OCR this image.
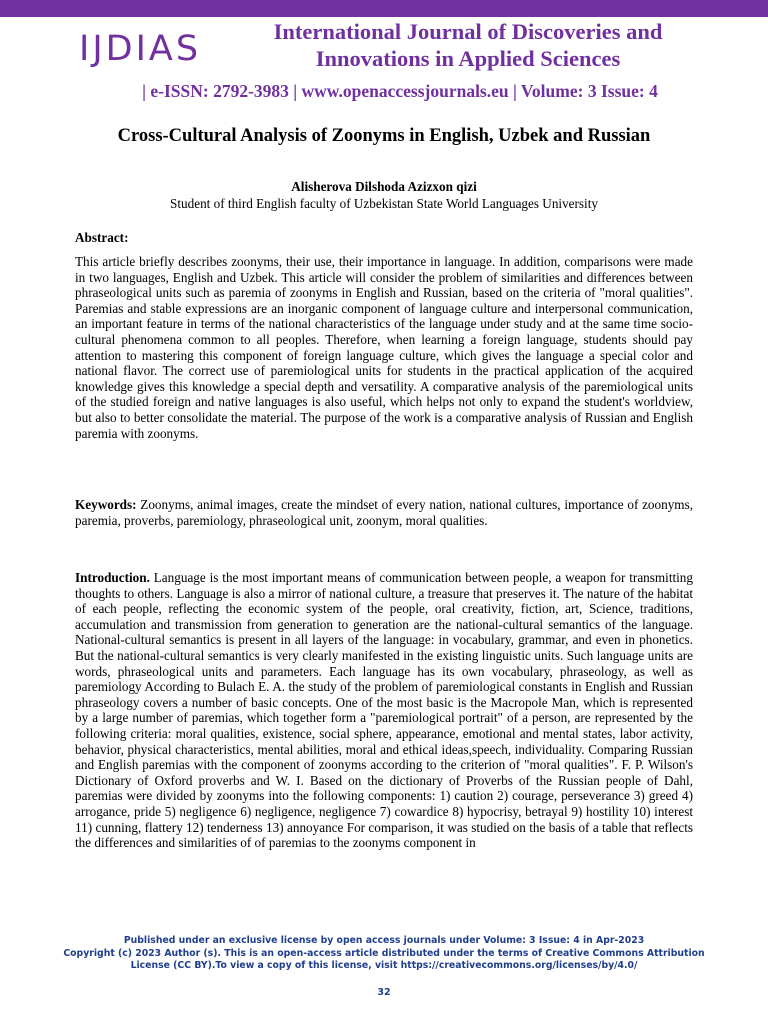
IJDIAS	International Journal of Discoveries and Innovations in Applied Sciences
| e-ISSN: 2792-3983 | www.openaccessjournals.eu | Volume: 3 Issue: 4
Cross-Cultural Analysis of Zoonyms in English, Uzbek and Russian
Alisherova Dilshoda Azizxon qizi
Student of third English faculty of Uzbekistan State World Languages University
Abstract:
This article briefly describes zoonyms, their use, their importance in language. In addition, comparisons were made in two languages, English and Uzbek. This article will consider the problem of similarities and differences between phraseological units such as paremia of zoonyms in English and Russian, based on the criteria of "moral qualities". Paremias and stable expressions are an inorganic component of language culture and interpersonal communication, an important feature in terms of the national characteristics of the language under study and at the same time socio-cultural phenomena common to all peoples. Therefore, when learning a foreign language, students should pay attention to mastering this component of foreign language culture, which gives the language a special color and national flavor. The correct use of paremiological units for students in the practical application of the acquired knowledge gives this knowledge a special depth and versatility. A comparative analysis of the paremiological units of the studied foreign and native languages is also useful, which helps not only to expand the student's worldview, but also to better consolidate the material. The purpose of the work is a comparative analysis of Russian and English paremia with zoonyms.
Keywords: Zoonyms, animal images, create the mindset of every nation, national cultures, importance of zoonyms, paremia, proverbs, paremiology, phraseological unit, zoonym, moral qualities.
Introduction. Language is the most important means of communication between people, a weapon for transmitting thoughts to others. Language is also a mirror of national culture, a treasure that preserves it. The nature of the habitat of each people, reflecting the economic system of the people, oral creativity, fiction, art, Science, traditions, accumulation and transmission from generation to generation are the national-cultural semantics of the language. National-cultural semantics is present in all layers of the language: in vocabulary, grammar, and even in phonetics. But the national-cultural semantics is very clearly manifested in the existing linguistic units. Such language units are words, phraseological units and parameters. Each language has its own vocabulary, phraseology, as well as paremiology According to Bulach E. A. the study of the problem of paremiological constants in English and Russian phraseology covers a number of basic concepts. One of the most basic is the Macropole Man, which is represented by a large number of paremias, which together form a "paremiological portrait" of a person, are represented by the following criteria: moral qualities, existence, social sphere, appearance, emotional and mental states, labor activity, behavior, physical characteristics, mental abilities, moral and ethical ideas,speech, individuality. Comparing Russian and English paremias with the component of zoonyms according to the criterion of "moral qualities". F. P. Wilson's Dictionary of Oxford proverbs and W. I. Based on the dictionary of Proverbs of the Russian people of Dahl, paremias were divided by zoonyms into the following components: 1) caution 2) courage, perseverance 3) greed 4) arrogance, pride 5) negligence 6) negligence, negligence 7) cowardice 8) hypocrisy, betrayal 9) hostility 10) interest 11) cunning, flattery 12) tenderness 13) annoyance For comparison, it was studied on the basis of a table that reflects the differences and similarities of of paremias to the zoonyms component in
Published under an exclusive license by open access journals under Volume: 3 Issue: 4 in Apr-2023
Copyright (c) 2023 Author (s). This is an open-access article distributed under the terms of Creative Commons Attribution License (CC BY).To view a copy of this license, visit https://creativecommons.org/licenses/by/4.0/
32
